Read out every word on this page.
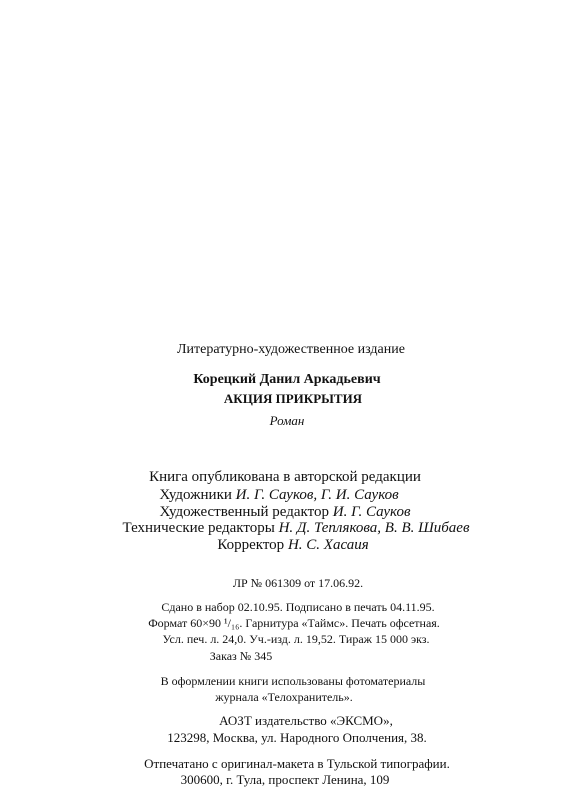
Литературно-художественное издание
Корецкий Данил Аркадьевич
АКЦИЯ ПРИКРЫТИЯ
Роман
Книга опубликована в авторской редакции
Художники И. Г. Сауков, Г. И. Сауков
Художественный редактор И. Г. Сауков
Технические редакторы Н. Д. Теплякова, В. В. Шибаев
Корректор Н. С. Хасаия
ЛР № 061309 от 17.06.92.
Сдано в набор 02.10.95. Подписано в печать 04.11.95.
Формат 60×90 ¹/₁₆. Гарнитура «Таймс». Печать офсетная.
Усл. печ. л. 24,0. Уч.-изд. л. 19,52. Тираж 15 000 экз.
Заказ № 345
В оформлении книги использованы фотоматериалы
журнала «Телохранитель».
АОЗТ издательство «ЭКСМО»,
123298, Москва, ул. Народного Ополчения, 38.
Отпечатано с оригинал-макета в Тульской типографии.
300600, г. Тула, проспект Ленина, 109
